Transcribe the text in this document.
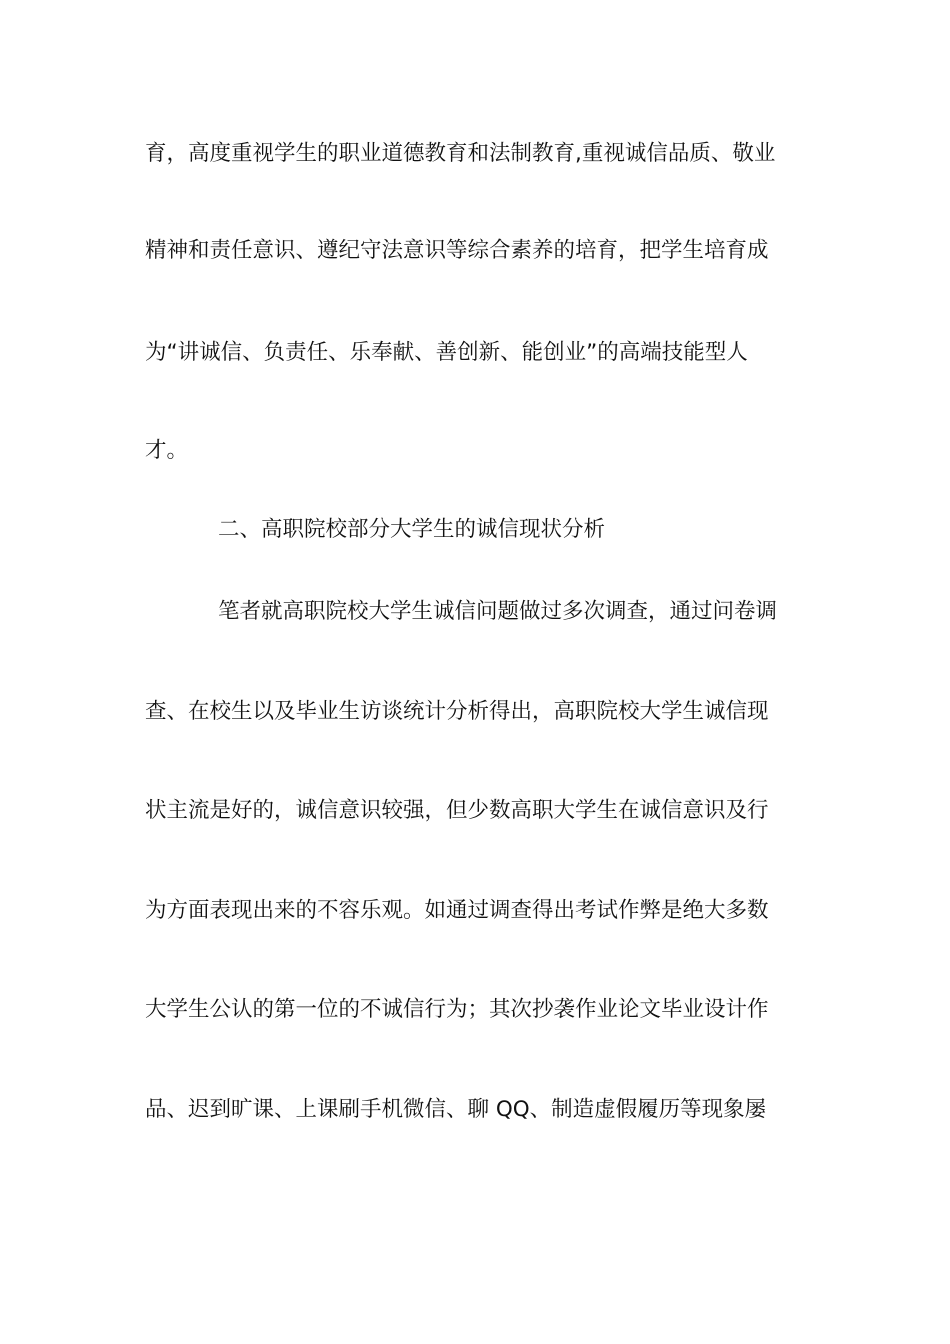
育，高度重视学生的职业道德教育和法制教育,重视诚信品质、敬业
精神和责任意识、遵纪守法意识等综合素养的培育，把学生培育成
为“讲诚信、负责任、乐奉献、善创新、能创业”的高端技能型人
才。
二、高职院校部分大学生的诚信现状分析
笔者就高职院校大学生诚信问题做过多次调查，通过问卷调
查、在校生以及毕业生访谈统计分析得出，高职院校大学生诚信现
状主流是好的，诚信意识较强，但少数高职大学生在诚信意识及行
为方面表现出来的不容乐观。如通过调查得出考试作弊是绝大多数
大学生公认的第一位的不诚信行为；其次抄袭作业论文毕业设计作
品、迟到旷课、上课刷手机微信、聊 QQ、制造虚假履历等现象屡
